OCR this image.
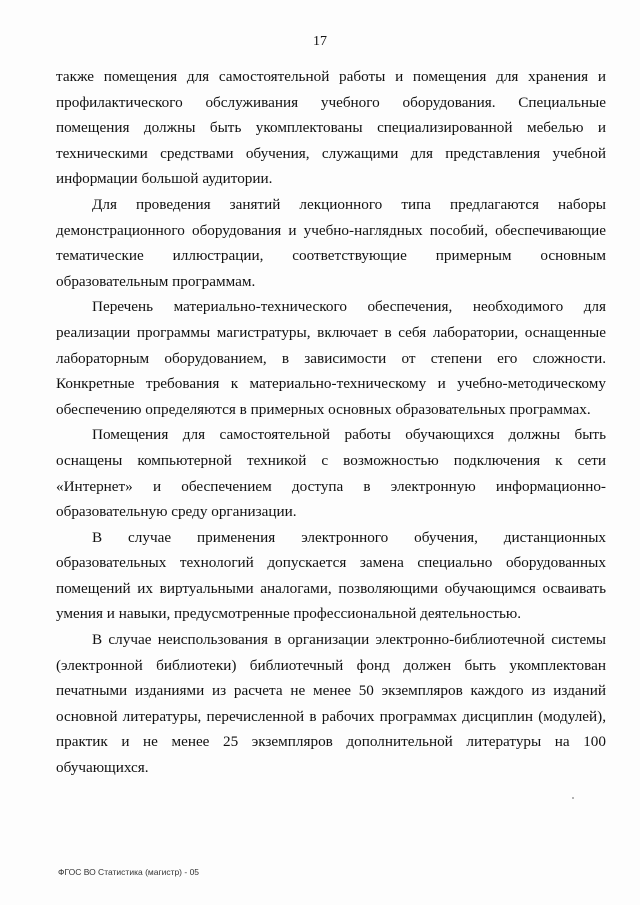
17

также помещения для самостоятельной работы и помещения для хранения и профилактического обслуживания учебного оборудования. Специальные помещения должны быть укомплектованы специализированной мебелью и техническими средствами обучения, служащими для представления учебной информации большой аудитории.

Для проведения занятий лекционного типа предлагаются наборы демонстрационного оборудования и учебно-наглядных пособий, обеспечивающие тематические иллюстрации, соответствующие примерным основным образовательным программам.

Перечень материально-технического обеспечения, необходимого для реализации программы магистратуры, включает в себя лаборатории, оснащенные лабораторным оборудованием, в зависимости от степени его сложности. Конкретные требования к материально-техническому и учебно-методическому обеспечению определяются в примерных основных образовательных программах.

Помещения для самостоятельной работы обучающихся должны быть оснащены компьютерной техникой с возможностью подключения к сети «Интернет» и обеспечением доступа в электронную информационно-образовательную среду организации.

В случае применения электронного обучения, дистанционных образовательных технологий допускается замена специально оборудованных помещений их виртуальными аналогами, позволяющими обучающимся осваивать умения и навыки, предусмотренные профессиональной деятельностью.

В случае неиспользования в организации электронно-библиотечной системы (электронной библиотеки) библиотечный фонд должен быть укомплектован печатными изданиями из расчета не менее 50 экземпляров каждого из изданий основной литературы, перечисленной в рабочих программах дисциплин (модулей), практик и не менее 25 экземпляров дополнительной литературы на 100 обучающихся.

ФГОС ВО Статистика (магистр) - 05
